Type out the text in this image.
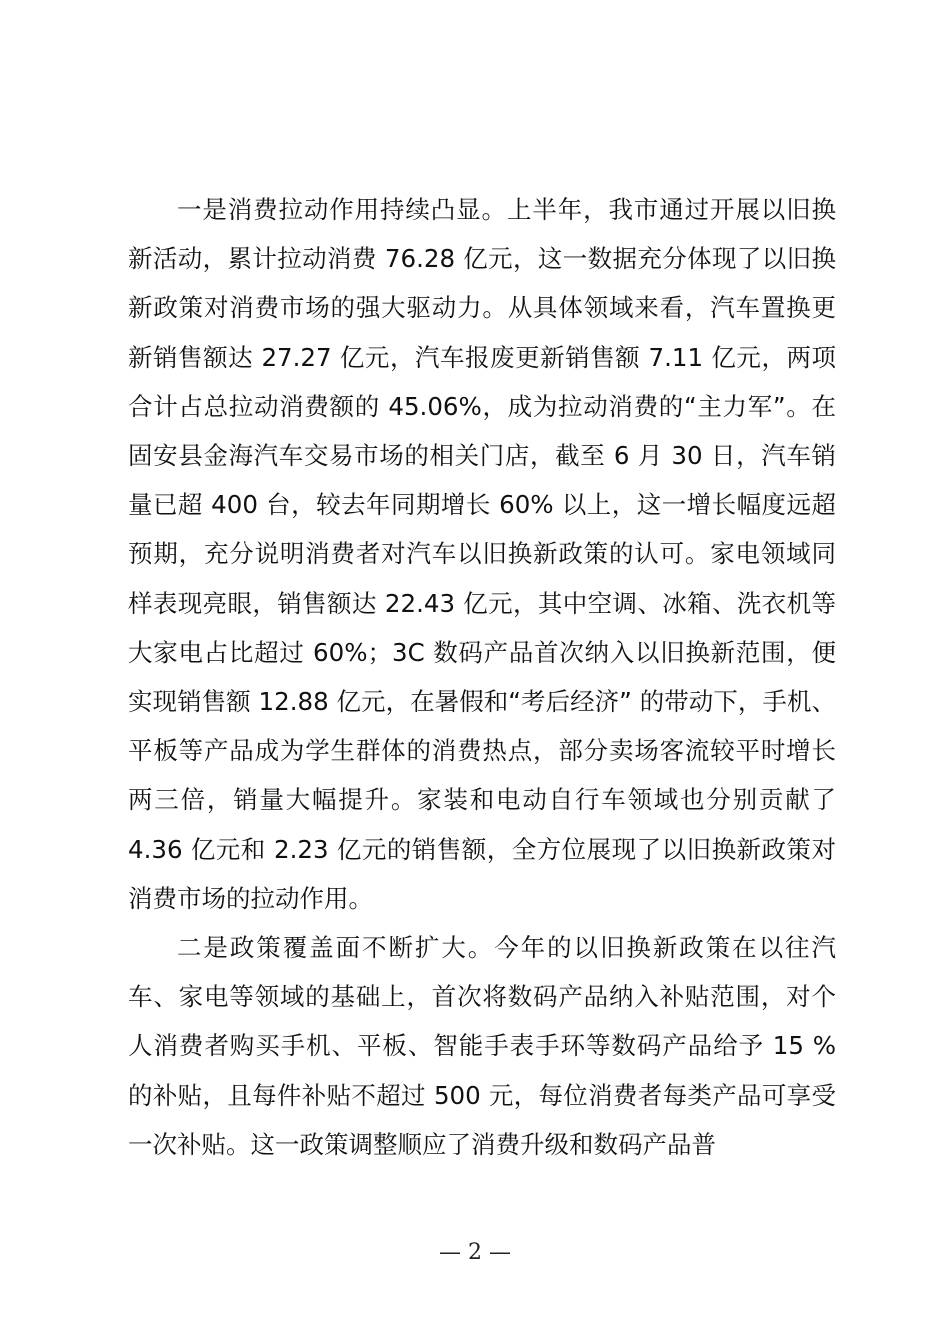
一是消费拉动作用持续凸显。上半年，我市通过开展以旧换新活动，累计拉动消费 76.28 亿元，这一数据充分体现了以旧换新政策对消费市场的强大驱动力。从具体领域来看，汽车置换更新销售额达 27.27 亿元，汽车报废更新销售额 7.11 亿元，两项合计占总拉动消费额的 45.06%，成为拉动消费的“主力军”。在固安县金海汽车交易市场的相关门店，截至 6 月 30 日，汽车销量已超 400 台，较去年同期增长 60% 以上，这一增长幅度远超预期，充分说明消费者对汽车以旧换新政策的认可。家电领域同样表现亮眼，销售额达 22.43 亿元，其中空调、冰箱、洗衣机等大家电占比超过 60%；3C 数码产品首次纳入以旧换新范围，便实现销售额 12.88 亿元，在暑假和“考后经济” 的带动下，手机、平板等产品成为学生群体的消费热点，部分卖场客流较平时增长两三倍，销量大幅提升。家装和电动自行车领域也分别贡献了 4.36 亿元和 2.23 亿元的销售额，全方位展现了以旧换新政策对消费市场的拉动作用。

二是政策覆盖面不断扩大。今年的以旧换新政策在以往汽车、家电等领域的基础上，首次将数码产品纳入补贴范围，对个人消费者购买手机、平板、智能手表手环等数码产品给予 15 % 的补贴，且每件补贴不超过 500 元，每位消费者每类产品可享受一次补贴。这一政策调整顺应了消费升级和数码产品普

— 2 —
